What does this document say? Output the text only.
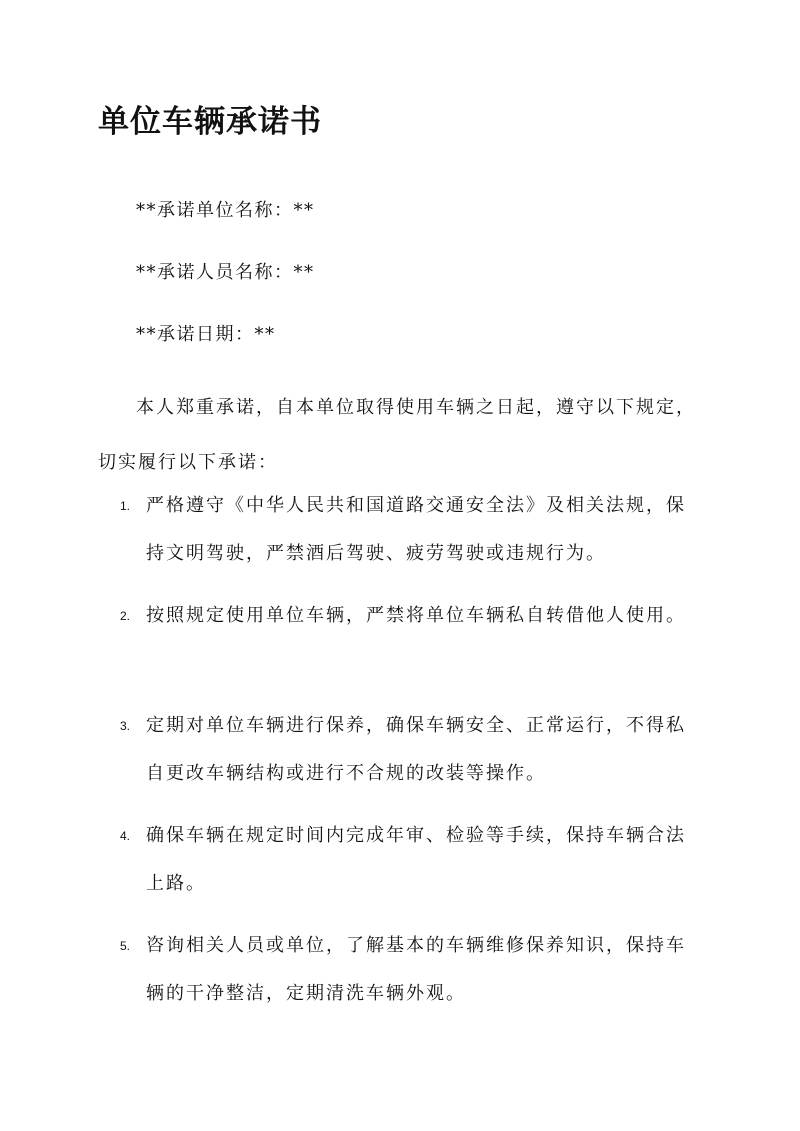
单位车辆承诺书

**承诺单位名称：**

**承诺人员名称：**

**承诺日期：**

本人郑重承诺，自本单位取得使用车辆之日起，遵守以下规定，切实履行以下承诺：

1. 严格遵守《中华人民共和国道路交通安全法》及相关法规，保持文明驾驶，严禁酒后驾驶、疲劳驾驶或违规行为。
2. 按照规定使用单位车辆，严禁将单位车辆私自转借他人使用。
3. 定期对单位车辆进行保养，确保车辆安全、正常运行，不得私自更改车辆结构或进行不合规的改装等操作。
4. 确保车辆在规定时间内完成年审、检验等手续，保持车辆合法上路。
5. 咨询相关人员或单位，了解基本的车辆维修保养知识，保持车辆的干净整洁，定期清洗车辆外观。
